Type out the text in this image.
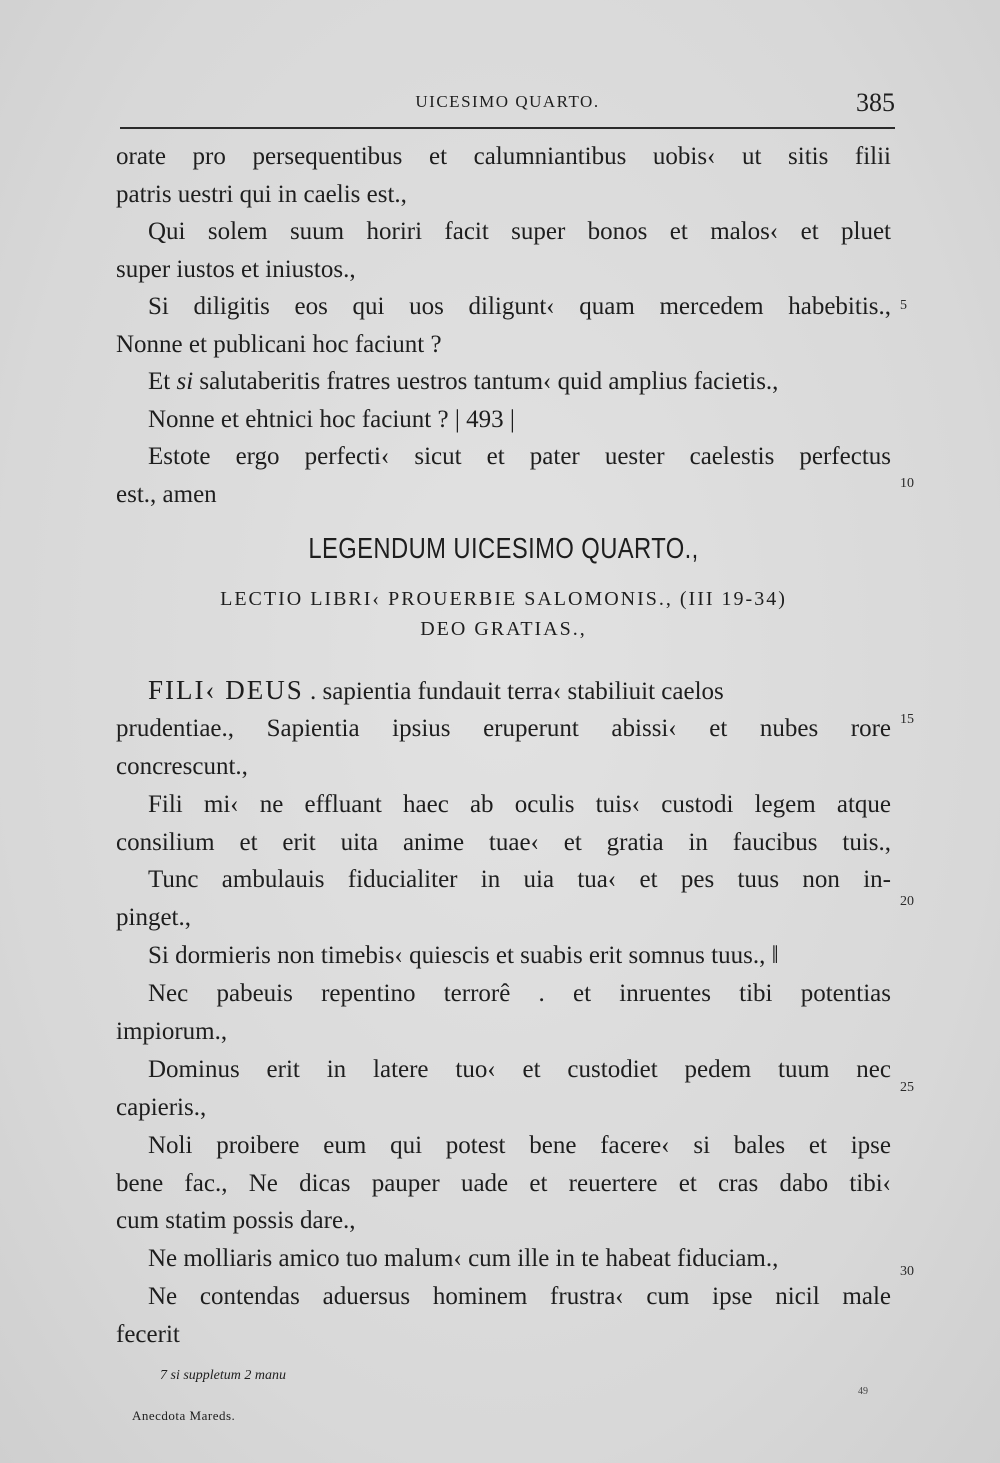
UICESIMO QUARTO.	385
orate pro persequentibus et calumniantibus uobis‹ ut sitis filii
patris uestri qui in caelis est.,
Qui solem suum horiri facit super bonos et malos‹ et pluet
super iustos et iniustos.,
Si diligitis eos qui uos diligunt‹ quam mercedem habebitis.,
Nonne et publicani hoc faciunt ?
Et si salutaberitis fratres uestros tantum‹ quid amplius facietis.,
Nonne et ehtnici hoc faciunt ? | 493 |
Estote ergo perfecti‹ sicut et pater uester caelestis perfectus
est., amen
5
10
LEGENDUM UICESIMO QUARTO.,
LECTIO LIBRI‹ PROUERBIE SALOMONIS., (III 19-34)
DEO GRATIAS.,
FILI‹ DEUS . sapientia fundauit terra‹ stabiliuit caelos
prudentiae., Sapientia ipsius eruperunt abissi‹ et nubes rore
concrescunt.,
Fili mi‹ ne effluant haec ab oculis tuis‹ custodi legem atque
consilium et erit uita anime tuae‹ et gratia in faucibus tuis.,
Tunc ambulauis fiducialiter in uia tua‹ et pes tuus non in-
pinget.,
Si dormieris non timebis‹ quiescis et suabis erit somnus tuus., ‖
Nec pabeuis repentino terrorê . et inruentes tibi potentias
impiorum.,
Dominus erit in latere tuo‹ et custodiet pedem tuum nec
capieris.,
Noli proibere eum qui potest bene facere‹ si bales et ipse
bene fac., Ne dicas pauper uade et reuertere et cras dabo tibi‹
cum statim possis dare.,
Ne molliaris amico tuo malum‹ cum ille in te habeat fiduciam.,
Ne contendas aduersus hominem frustra‹ cum ipse nicil male
fecerit
15
20
25
30
7 si suppletum 2 manu
Anecdota Mareds.
49
